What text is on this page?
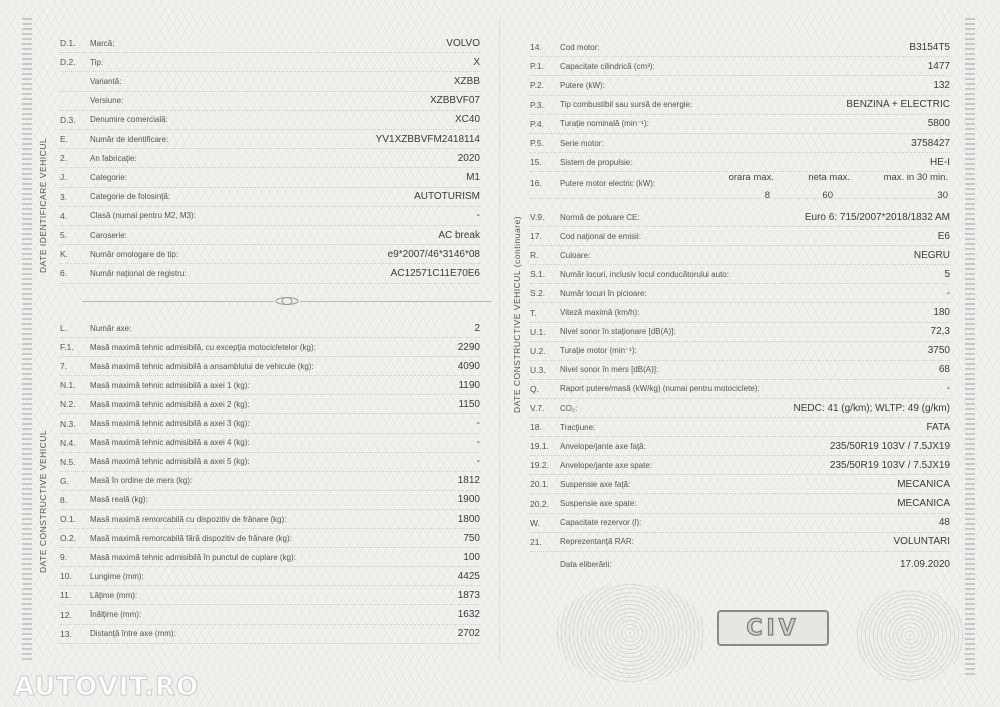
DATE IDENTIFICARE VEHICUL
D.1.	Marcă:	VOLVO
D.2.	Tip:	X
Variantă:	XZBB
Versiune:	XZBBVF07
D.3.	Denumire comercială:	XC40
E.	Număr de identificare:	YV1XZBBVFM2418114
2.	An fabricaţie:	2020
J.	Categorie:	M1
3.	Categorie de folosinţă:	AUTOTURISM
4.	Clasă (numai pentru M2, M3):	-
5.	Caroserie:	AC break
K.	Număr omologare de tip:	e9*2007/46*3146*08
6.	Număr naţional de registru:	AC12571C11E70E6
DATE CONSTRUCTIVE VEHICUL
L.	Număr axe:	2
F.1.	Masă maximă tehnic admisibilă, cu excepţia motocicletelor (kg):	2290
7.	Masă maximă tehnic admisibilă a ansamblului de vehicule (kg):	4090
N.1.	Masă maximă tehnic admisibilă a axei 1 (kg):	1190
N.2.	Masă maximă tehnic admisibilă a axei 2 (kg):	1150
N.3.	Masă maximă tehnic admisibilă a axei 3 (kg):	-
N.4.	Masă maximă tehnic admisibilă a axei 4 (kg):	-
N.5.	Masă maximă tehnic admisibilă a axei 5 (kg):	-
G.	Masă în ordine de mers (kg):	1812
8.	Masă reală (kg):	1900
O.1.	Masă maximă remorcabilă cu dispozitiv de frânare (kg):	1800
O.2.	Masă maximă remorcabilă fără dispozitiv de frânare (kg):	750
9.	Masă maximă tehnic admisibilă în punctul de cuplare (kg):	100
10.	Lungime (mm):	4425
11.	Lăţime (mm):	1873
12.	Înălţime (mm):	1632
13.	Distanţă între axe (mm):	2702
DATE CONSTRUCTIVE VEHICUL (continuare)
14.	Cod motor:	B3154T5
P.1.	Capacitate cilindrică (cm³):	1477
P.2.	Putere (kW):	132
P.3.	Tip combustibil sau sursă de energie:	BENZINA + ELECTRIC
P.4.	Turaţie nominală (min⁻¹):	5800
P.5.	Serie motor:	3758427
15.	Sistem de propulsie:	HE-I
16.	Putere motor electric (kW):	orara max.	neta max.	max. in 30 min.
8	60	30
V.9.	Normă de poluare CE:	Euro 6: 715/2007*2018/1832 AM
17.	Cod naţional de emisii:	E6
R.	Culoare:	NEGRU
S.1.	Număr locuri, inclusiv locul conducătorului auto:	5
S.2.	Număr locuri în picioare:	-
T.	Viteză maximă (km/h):	180
U.1.	Nivel sonor în staţionare [dB(A)]:	72,3
U.2.	Turaţie motor (min⁻¹):	3750
U.3.	Nivel sonor în mers [dB(A)]:	68
Q.	Raport putere/masă (kW/kg) (numai pentru motociclete):	-
V.7.	CO₂:	NEDC: 41 (g/km); WLTP: 49 (g/km)
18.	Tracţiune:	FATA
19.1.	Anvelope/jante axe faţă:	235/50R19 103V / 7.5JX19
19.2.	Anvelope/jante axe spate:	235/50R19 103V / 7.5JX19
20.1.	Suspensie axe faţă:	MECANICA
20.2.	Suspensie axe spate:	MECANICA
W.	Capacitate rezervor (l):	48
21.	Reprezentanţă RAR:	VOLUNTARI
Data eliberării:	17.09.2020
CIV
AUTOVIT.RO
